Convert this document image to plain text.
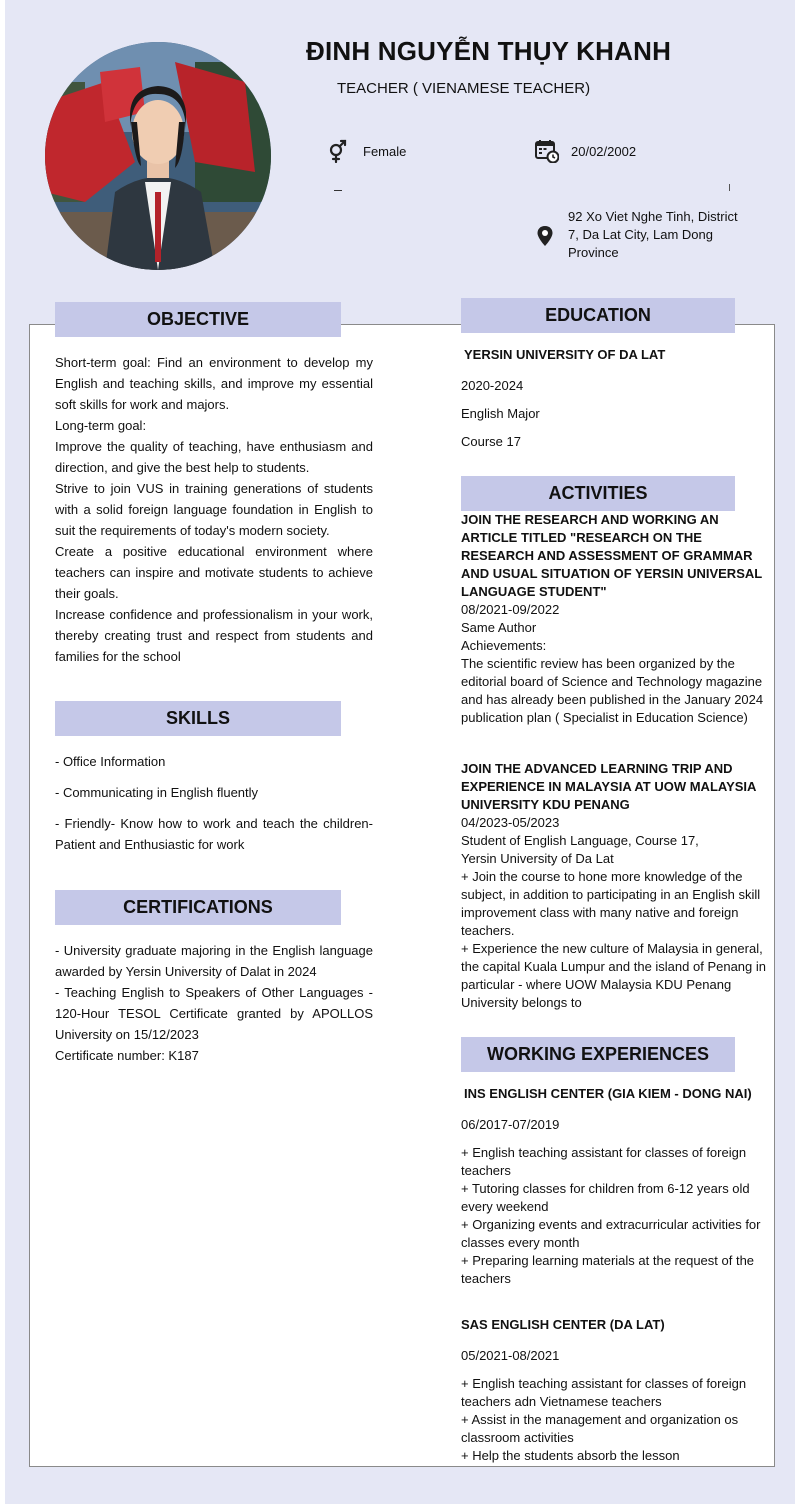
ĐINH NGUYỄN THỤY KHANH
TEACHER ( VIENAMESE TEACHER)
Female	20/02/2002
92 Xo Viet Nghe Tinh, District 7, Da Lat City, Lam Dong Province
OBJECTIVE

Short-term goal: Find an environment to develop my English and teaching skills, and improve my essential soft skills for work and majors.

Long-term goal:

Improve the quality of teaching, have enthusiasm and direction, and give the best help to students.

Strive to join VUS in training generations of students with a solid foreign language foundation in English to suit the requirements of today's modern society.

Create a positive educational environment where teachers can inspire and motivate students to achieve their goals.

Increase confidence and professionalism in your work, thereby creating trust and respect from students and families for the school

SKILLS

- Office Information

- Communicating in English fluently

- Friendly- Know how to work and teach the children-Patient and Enthusiastic for work

CERTIFICATIONS

- University graduate majoring in the English language awarded by Yersin University of Dalat in 2024

- Teaching English to Speakers of Other Languages - 120-Hour TESOL Certificate granted by APOLLOS University on 15/12/2023

Certificate number: K187

EDUCATION
YERSIN UNIVERSITY OF DA LAT
2020-2024
English Major
Course 17
ACTIVITIES

JOIN THE RESEARCH AND WORKING AN ARTICLE TITLED "RESEARCH ON THE RESEARCH AND ASSESSMENT OF GRAMMAR AND USUAL SITUATION OF YERSIN UNIVERSAL LANGUAGE STUDENT"

08/2021-09/2022

Same Author

Achievements:

The scientific review has been organized by the editorial board of Science and Technology magazine and has already been published in the January 2024 publication plan ( Specialist in Education Science)

JOIN THE ADVANCED LEARNING TRIP AND EXPERIENCE IN MALAYSIA AT UOW MALAYSIA UNIVERSITY KDU PENANG

04/2023-05/2023

Student of English Language, Course 17,

Yersin University of Da Lat

+ Join the course to hone more knowledge of the subject, in addition to participating in an English skill improvement class with many native and foreign teachers.

+ Experience the new culture of Malaysia in general, the capital Kuala Lumpur and the island of Penang in particular - where UOW Malaysia KDU Penang University belongs to

WORKING EXPERIENCES
INS ENGLISH CENTER (GIA KIEM - DONG NAI)
06/2017-07/2019

+ English teaching assistant for classes of foreign teachers

+ Tutoring classes for children from 6-12 years old every weekend

+ Organizing events and extracurricular activities for classes every month

+ Preparing learning materials at the request of the teachers

SAS ENGLISH CENTER (DA LAT)
05/2021-08/2021

+ English teaching assistant for classes of foreign teachers adn Vietnamese teachers

+ Assist in the management and organization os classroom activities

+ Help the students absorb the lesson
